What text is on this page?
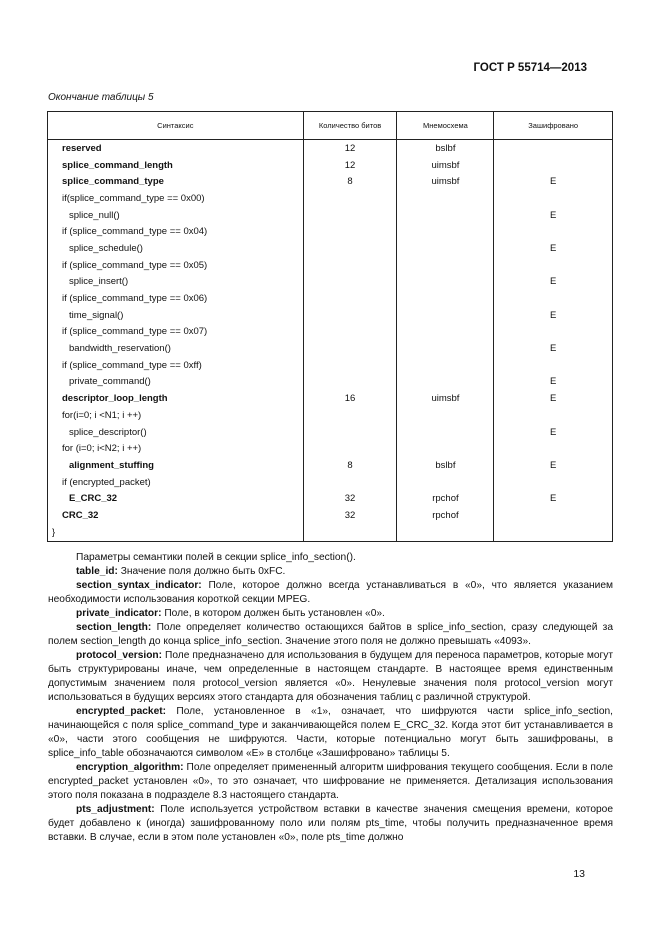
ГОСТ Р 55714—2013
Окончание таблицы 5
Синтаксис	Количество битов	Мнемосхема	Зашифровано
reserved	12	bslbf	
splice_command_length	12	uimsbf	
splice_command_type	8	uimsbf	E
if(splice_command_type == 0x00)			
splice_null()			E
if (splice_command_type == 0x04)			
splice_schedule()			E
if (splice_command_type == 0x05)			
splice_insert()			E
if (splice_command_type == 0x06)			
time_signal()			E
if (splice_command_type == 0x07)			
bandwidth_reservation()			E
if (splice_command_type == 0xff)			
private_command()			E
descriptor_loop_length	16	uimsbf	E
for(i=0; i <N1; i ++)			
splice_descriptor()			E
for (i=0; i<N2; i ++)			
alignment_stuffing	8	bslbf	E
if (encrypted_packet)			
E_CRC_32	32	rpchof	E
CRC_32	32	rpchof	
}			

Параметры семантики полей в секции splice_info_section().

table_id: Значение поля должно быть 0xFC.

section_syntax_indicator: Поле, которое должно всегда устанавливаться в «0», что является указанием необходимости использования короткой секции MPEG.

private_indicator: Поле, в котором должен быть установлен «0».

section_length: Поле определяет количество остающихся байтов в splice_info_section, сразу следующей за полем section_length до конца splice_info_section. Значение этого поля не должно превышать «4093».

protocol_version: Поле предназначено для использования в будущем для переноса параметров, которые могут быть структурированы иначе, чем определенные в настоящем стандарте. В настоящее время единственным допустимым значением поля protocol_version является «0». Ненулевые значения поля protocol_version могут использоваться в будущих версиях этого стандарта для обозначения таблиц с различной структурой.

encrypted_packet: Поле, установленное в «1», означает, что шифруются части splice_info_section, начинающейся с поля splice_command_type и заканчивающейся полем E_CRC_32. Когда этот бит устанавливается в «0», части этого сообщения не шифруются. Части, которые потенциально могут быть зашифрованы, в splice_info_table обозначаются символом «E» в столбце «Зашифровано» таблицы 5.

encryption_algorithm: Поле определяет примененный алгоритм шифрования текущего сообщения. Если в поле encrypted_packet установлен «0», то это означает, что шифрование не применяется. Детализация использования этого поля показана в подразделе 8.3 настоящего стандарта.

pts_adjustment: Поле используется устройством вставки в качестве значения смещения времени, которое будет добавлено к (иногда) зашифрованному поло или полям pts_time, чтобы получить предназначенное время вставки. В случае, если в этом поле установлен «0», поле pts_time должно

13
